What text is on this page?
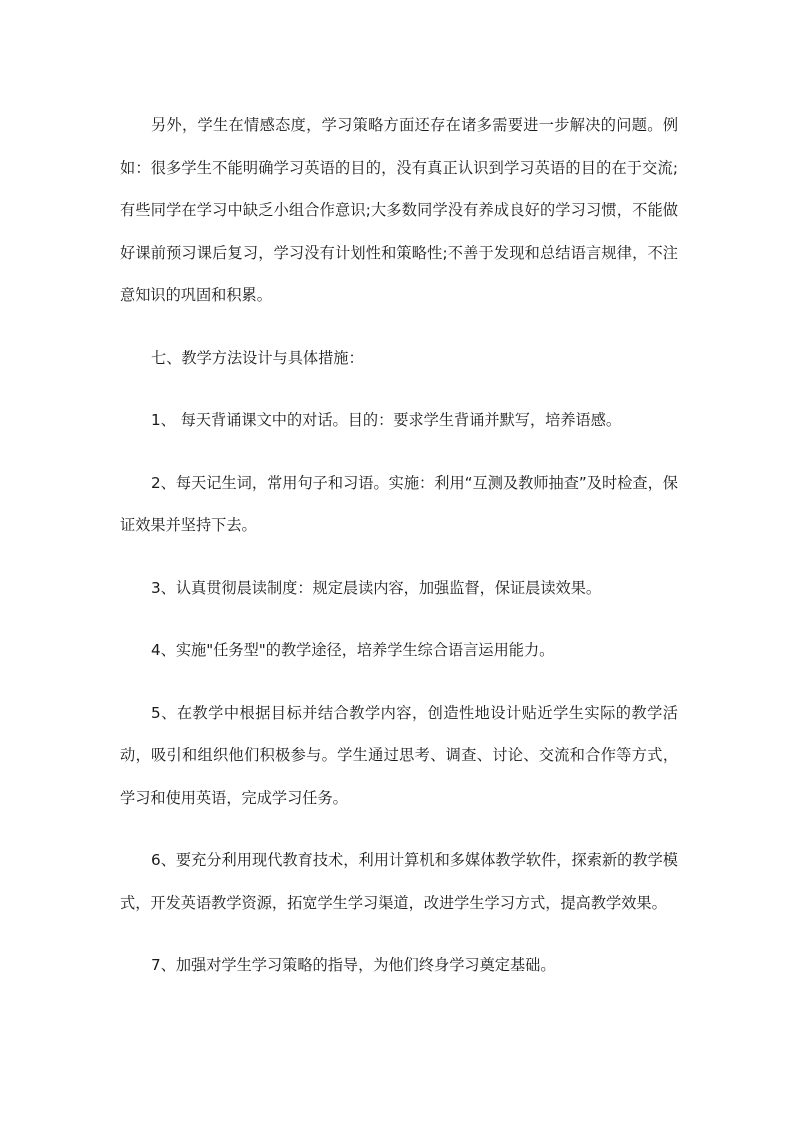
另外，学生在情感态度，学习策略方面还存在诸多需要进一步解决的问题。例如：很多学生不能明确学习英语的目的，没有真正认识到学习英语的目的在于交流;有些同学在学习中缺乏小组合作意识;大多数同学没有养成良好的学习习惯，不能做好课前预习课后复习，学习没有计划性和策略性;不善于发现和总结语言规律，不注意知识的巩固和积累。

七、教学方法设计与具体措施：

1、 每天背诵课文中的对话。目的：要求学生背诵并默写，培养语感。

2、每天记生词，常用句子和习语。实施：利用“互测及教师抽查”及时检查，保证效果并坚持下去。

3、认真贯彻晨读制度：规定晨读内容，加强监督，保证晨读效果。

4、实施"任务型"的教学途径，培养学生综合语言运用能力。

5、在教学中根据目标并结合教学内容，创造性地设计贴近学生实际的教学活动，吸引和组织他们积极参与。学生通过思考、调查、讨论、交流和合作等方式，学习和使用英语，完成学习任务。

6、要充分利用现代教育技术，利用计算机和多媒体教学软件，探索新的教学模式，开发英语教学资源，拓宽学生学习渠道，改进学生学习方式，提高教学效果。

7、加强对学生学习策略的指导，为他们终身学习奠定基础。
